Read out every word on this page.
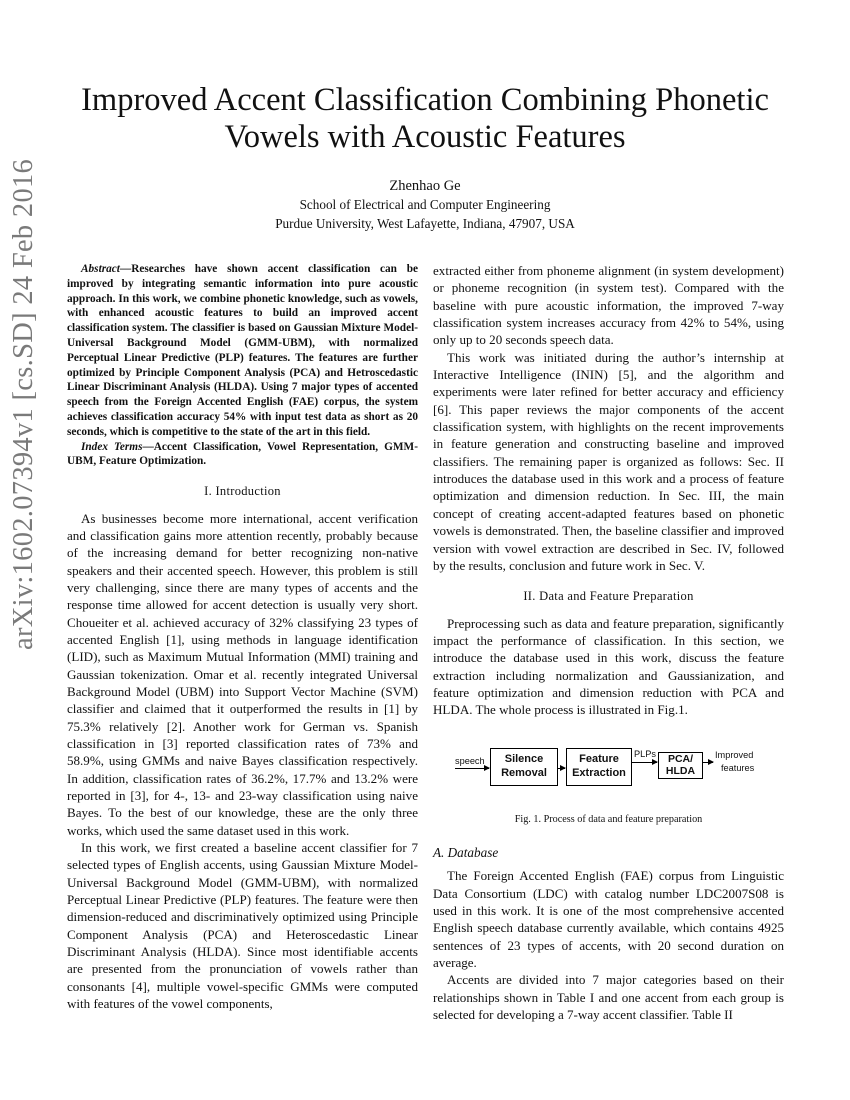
arXiv:1602.07394v1 [cs.SD] 24 Feb 2016
Improved Accent Classification Combining Phonetic
Vowels with Acoustic Features
Zhenhao Ge
School of Electrical and Computer Engineering
Purdue University, West Lafayette, Indiana, 47907, USA

Abstract—Researches have shown accent classification can be improved by integrating semantic information into pure acoustic approach. In this work, we combine phonetic knowledge, such as vowels, with enhanced acoustic features to build an improved accent classification system. The classifier is based on Gaussian Mixture Model-Universal Background Model (GMM-UBM), with normalized Perceptual Linear Predictive (PLP) features. The features are further optimized by Principle Component Analysis (PCA) and Hetroscedastic Linear Discriminant Analysis (HLDA). Using 7 major types of accented speech from the Foreign Accented English (FAE) corpus, the system achieves classification accuracy 54% with input test data as short as 20 seconds, which is competitive to the state of the art in this field.

Index Terms—Accent Classification, Vowel Representation, GMM-UBM, Feature Optimization.

I. Introduction

As businesses become more international, accent verification and classification gains more attention recently, probably because of the increasing demand for better recognizing non-native speakers and their accented speech. However, this problem is still very challenging, since there are many types of accents and the response time allowed for accent detection is usually very short. Choueiter et al. achieved accuracy of 32% classifying 23 types of accented English [1], using methods in language identification (LID), such as Maximum Mutual Information (MMI) training and Gaussian tokenization. Omar et al. recently integrated Universal Background Model (UBM) into Support Vector Machine (SVM) classifier and claimed that it outperformed the results in [1] by 75.3% relatively [2]. Another work for German vs. Spanish classification in [3] reported classification rates of 73% and 58.9%, using GMMs and naive Bayes classification respectively. In addition, classification rates of 36.2%, 17.7% and 13.2% were reported in [3], for 4-, 13- and 23-way classification using naive Bayes. To the best of our knowledge, these are the only three works, which used the same dataset used in this work.

In this work, we first created a baseline accent classifier for 7 selected types of English accents, using Gaussian Mixture Model-Universal Background Model (GMM-UBM), with normalized Perceptual Linear Predictive (PLP) features. The feature were then dimension-reduced and discriminatively optimized using Principle Component Analysis (PCA) and Heteroscedastic Linear Discriminant Analysis (HLDA). Since most identifiable accents are presented from the pronunciation of vowels rather than consonants [4], multiple vowel-specific GMMs were computed with features of the vowel components,

extracted either from phoneme alignment (in system development) or phoneme recognition (in system test). Compared with the baseline with pure acoustic information, the improved 7-way classification system increases accuracy from 42% to 54%, using only up to 20 seconds speech data.

This work was initiated during the author’s internship at Interactive Intelligence (ININ) [5], and the algorithm and experiments were later refined for better accuracy and efficiency [6]. This paper reviews the major components of the accent classification system, with highlights on the recent improvements in feature generation and constructing baseline and improved classifiers. The remaining paper is organized as follows: Sec. II introduces the database used in this work and a process of feature optimization and dimension reduction. In Sec. III, the main concept of creating accent-adapted features based on phonetic vowels is demonstrated. Then, the baseline classifier and improved version with vowel extraction are described in Sec. IV, followed by the results, conclusion and future work in Sec. V.

II. Data and Feature Preparation

Preprocessing such as data and feature preparation, significantly impact the performance of classification. In this section, we introduce the database used in this work, discuss the feature extraction including normalization and Gaussianization, and feature optimization and dimension reduction with PCA and HLDA. The whole process is illustrated in Fig.1.

speech	Silence
Removal
Feature
Extraction
PLPs	PCA/
HLDA
Improved
features
Fig. 1. Process of data and feature preparation
A. Database

The Foreign Accented English (FAE) corpus from Linguistic Data Consortium (LDC) with catalog number LDC2007S08 is used in this work. It is one of the most comprehensive accented English speech database currently available, which contains 4925 sentences of 23 types of accents, with 20 second duration on average.

Accents are divided into 7 major categories based on their relationships shown in Table I and one accent from each group is selected for developing a 7-way accent classifier. Table II
